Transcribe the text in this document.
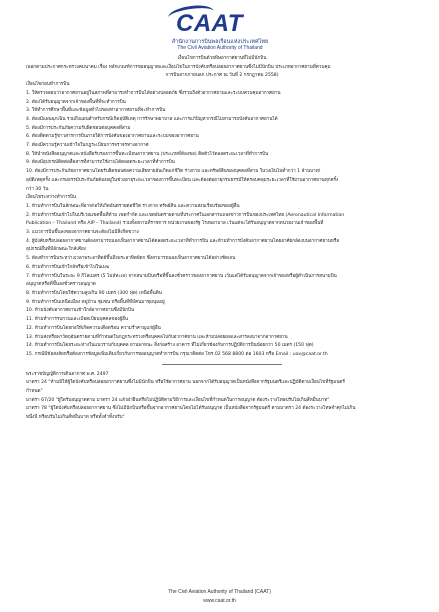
CAAT
สำนักงานการบินพลเรือนแห่งประเทศไทย
The Civil Aviation Authority of Thailand

เงื่อนไขการบินด้วยพิษอากาศยานที่ไม่มีนักบิน

(ออกตามประกาศกระทรวงคมนาคม เรื่อง หลักเกณฑ์การขออนุญาตและเงื่อนไขในการบังคับหรือปล่อยอากาศยานซึ่งไม่มีนักบิน ประเภทอากาศยานที่ควบคุม

การบินจากภายนอก ประกาศ ณ วันที่ 2 กรกฎาคม 2558)

เงื่อนไขก่อนทำการบิน

1. ให้ตรวจสอบว่าอากาศยานอยู่ในสภาพที่สามารถทำการบินได้อย่างปลอดภัย ซึ่งรวมถึงตัวอากาศยานและระบบควบคุมอากาศยาน

2. ต้องได้รับอนุญาตจากเจ้าของพื้นที่ที่จะทำการบิน

3. ให้ทำการศึกษาพื้นที่และข้อมูลทั่วไปของท่าอากาศยานที่จะทำการบิน

4. ต้องมีแผนฉุกเฉิน รวมถึงแผนสำหรับกรณีเกิดอุบัติเหตุ การรักษาพยาบาล และการแก้ปัญหากรณีไม่สามารถบังคับอากาศยานได้

5. ต้องมีการประกันภัยความรับผิดชอบต่อบุคคลที่สาม

6. ต้องติดตามรู้ข่าวสารการบินภายใต้การบังคับของอากาศยานและระบบของอากาศยาน

7. ต้องมีความรู้ความเข้าใจในกฎระเบียบการจราจรทางอากาศ

8. ให้นำหนังสืออนุญาตและหนังสือรับรองการขึ้นทะเบียนอากาศยาน (ประเภทที่ต้องขอ) ติดตัวไว้ตลอดระยะเวลาที่ทำการบิน

9. ต้องมีอุปกรณ์ติดต่อสื่อสารที่สามารถใช้งานได้ตลอดระยะเวลาที่ทำการบิน

10. ต้องมีการประกันภัยอากาศยานโดยรับผิดชอบต่อความเสียหายอันเกิดแก่ชีวิต ร่างกาย และทรัพย์สินของบุคคลที่สาม ในวงเงินไม่ต่ำกว่า 1 ล้านบาท/

อุบัติเหตุครั้ง และกรมธรรม์ประกันภัยต้องอยู่ในช่วงอายุระยะเวลาของการขึ้นทะเบียน และต้องต่ออายุกรมธรรม์ให้ครอบคลุมระยะเวลาที่ใช้งานอากาศยานทุกครั้ง

กว่า 30 วัน

เงื่อนไขระหว่างทำการบิน

1. ห้ามทำการบินในลักษณะที่อาจก่อให้เกิดอันตรายต่อชีวิต ร่างกาย ทรัพย์สิน และความสงบเรียบร้อยของผู้อื่น

2. ห้ามทำการบินเข้าไปในบริเวณเขตพื้นที่ห้าม เขตกำกัด และเขตอันตรายตามที่ประกาศในเอกสารแถลงข่าวการบินของประเทศไทย (Aeronautical Information

Publication – Thailand หรือ AIP – Thailand) รวมทั้งสถานที่ราชการ หน่วยงานของรัฐ โรงพยาบาล เว้นแต่จะได้รับอนุญาตจากหน่วยงานเจ้าของพื้นที่

3. แนวการบินขึ้นลงของอากาศยานจะต้องไม่มีสิ่งกีดขวาง

4. ผู้บังคับหรือปล่อยอากาศยานต้องสามารถมองเห็นอากาศยานได้ตลอดระยะเวลาที่ทำการบิน และห้ามทำการบังคับอากาศยานโดยอาศัยกล้องบนอากาศยานหรือ

อุปกรณ์อื่นที่มีลักษณะใกล้เคียง

5. ต้องทำการบินระหว่างเวลาพระอาทิตย์ขึ้นถึงพระอาทิตย์ตก ซึ่งสามารถมองเห็นอากาศยานได้อย่างชัดเจน

6. ห้ามทำการบินเข้าใกล้หรือเข้าไปในเมฆ

7. ห้ามทำการบินในระยะ 9 กิโลเมตร (5 ไมล์ทะเล) จากสนามบินหรือที่ขึ้นลงชั่วคราวของอากาศยาน เว้นแต่ได้รับอนุญาตจากเจ้าของหรือผู้ดำเนินการสนามบิน

อนุญาตหรือที่ขึ้นลงชั่วคราวอนุญาต

8. ห้ามทำการบินโดยใช้ความสูงเกิน 90 เมตร (300 ฟุต) เหนือพื้นดิน

9. ห้ามทำการบินเหนือเมือง หมู่บ้าน ชุมชน หรือพื้นที่ที่มีคนมาชุมนุมอยู่

10. ห้ามบังคับอากาศยานเข้าใกล้อากาศยานซึ่งมีนักบิน

11. ห้ามทำการรบกวนและเบียดเบียนบุคคลของผู้อื่น

12. ห้ามทำการบินโดยก่อให้เกิดความเดือดร้อน ความรำคาญแก่ผู้อื่น

13. ห้ามส่งหรือพาวัตถุอันตรายตามที่กำหนดในกฎกระทรวงหรือบุคคลไปกับอากาศยาน และห้ามปล่อยผลและสารลงมาจากอากาศยาน

14. ห้ามทำการบินโดยระยะห่างในแนวราบกับบุคคล ยานพาหนะ สิ่งก่อสร้าง อาคาร ที่ไม่เกี่ยวข้องกับการปฏิบัติการบินน้อยกว่า 50 เมตร (150 ฟุต)

15. กรณีมีข้อสงสัยหรือต้องการข้อมูลเพิ่มเติมเกี่ยวกับการขออนุญาตทำการบิน กรุณาติดต่อ โทร.02 568 8800 ต่อ 1603 หรือ Email : uav@caat.or.th

พระราชบัญญัติการเดินอากาศ พ.ศ. 2497

มาตรา 24 "ห้ามมิให้ผู้ใดบังคับหรือปล่อยอากาศยานซึ่งไม่มีนักบิน หรือใช้อากาศยาน นอกจากได้รับอนุญาตเป็นหนังสือจากรัฐมนตรีและปฏิบัติตามเงื่อนไขที่รัฐมนตรี

กำหนด"

มาตรา 67/20 "ผู้ใดรับอนุญาตตาม มาตรา 24 แล้วฝ่าฝืนหรือไม่ปฏิบัติตามวิธีการและเงื่อนไขที่กำหนดในการอนุญาต ต้องระวางโทษปรับไม่เกินสี่หมื่นบาท"

มาตรา 78 "ผู้ใดบังคับหรือปล่อยอากาศยาน ซึ่งไม่มีนักบินหรือขึ้นจากอากาศยานโดยไม่ได้รับอนุญาต เป็นหนังสือจากรัฐมนตรี ตามมาตรา 24 ต้องระวางโทษจำคุกไม่เกิน

หนึ่งปี หรือปรับไม่เกินสี่หมื่นบาท หรือทั้งจำทั้งปรับ"

The Civil Aviation Authority of Thailand (CAAT)
www.caat.or.th
